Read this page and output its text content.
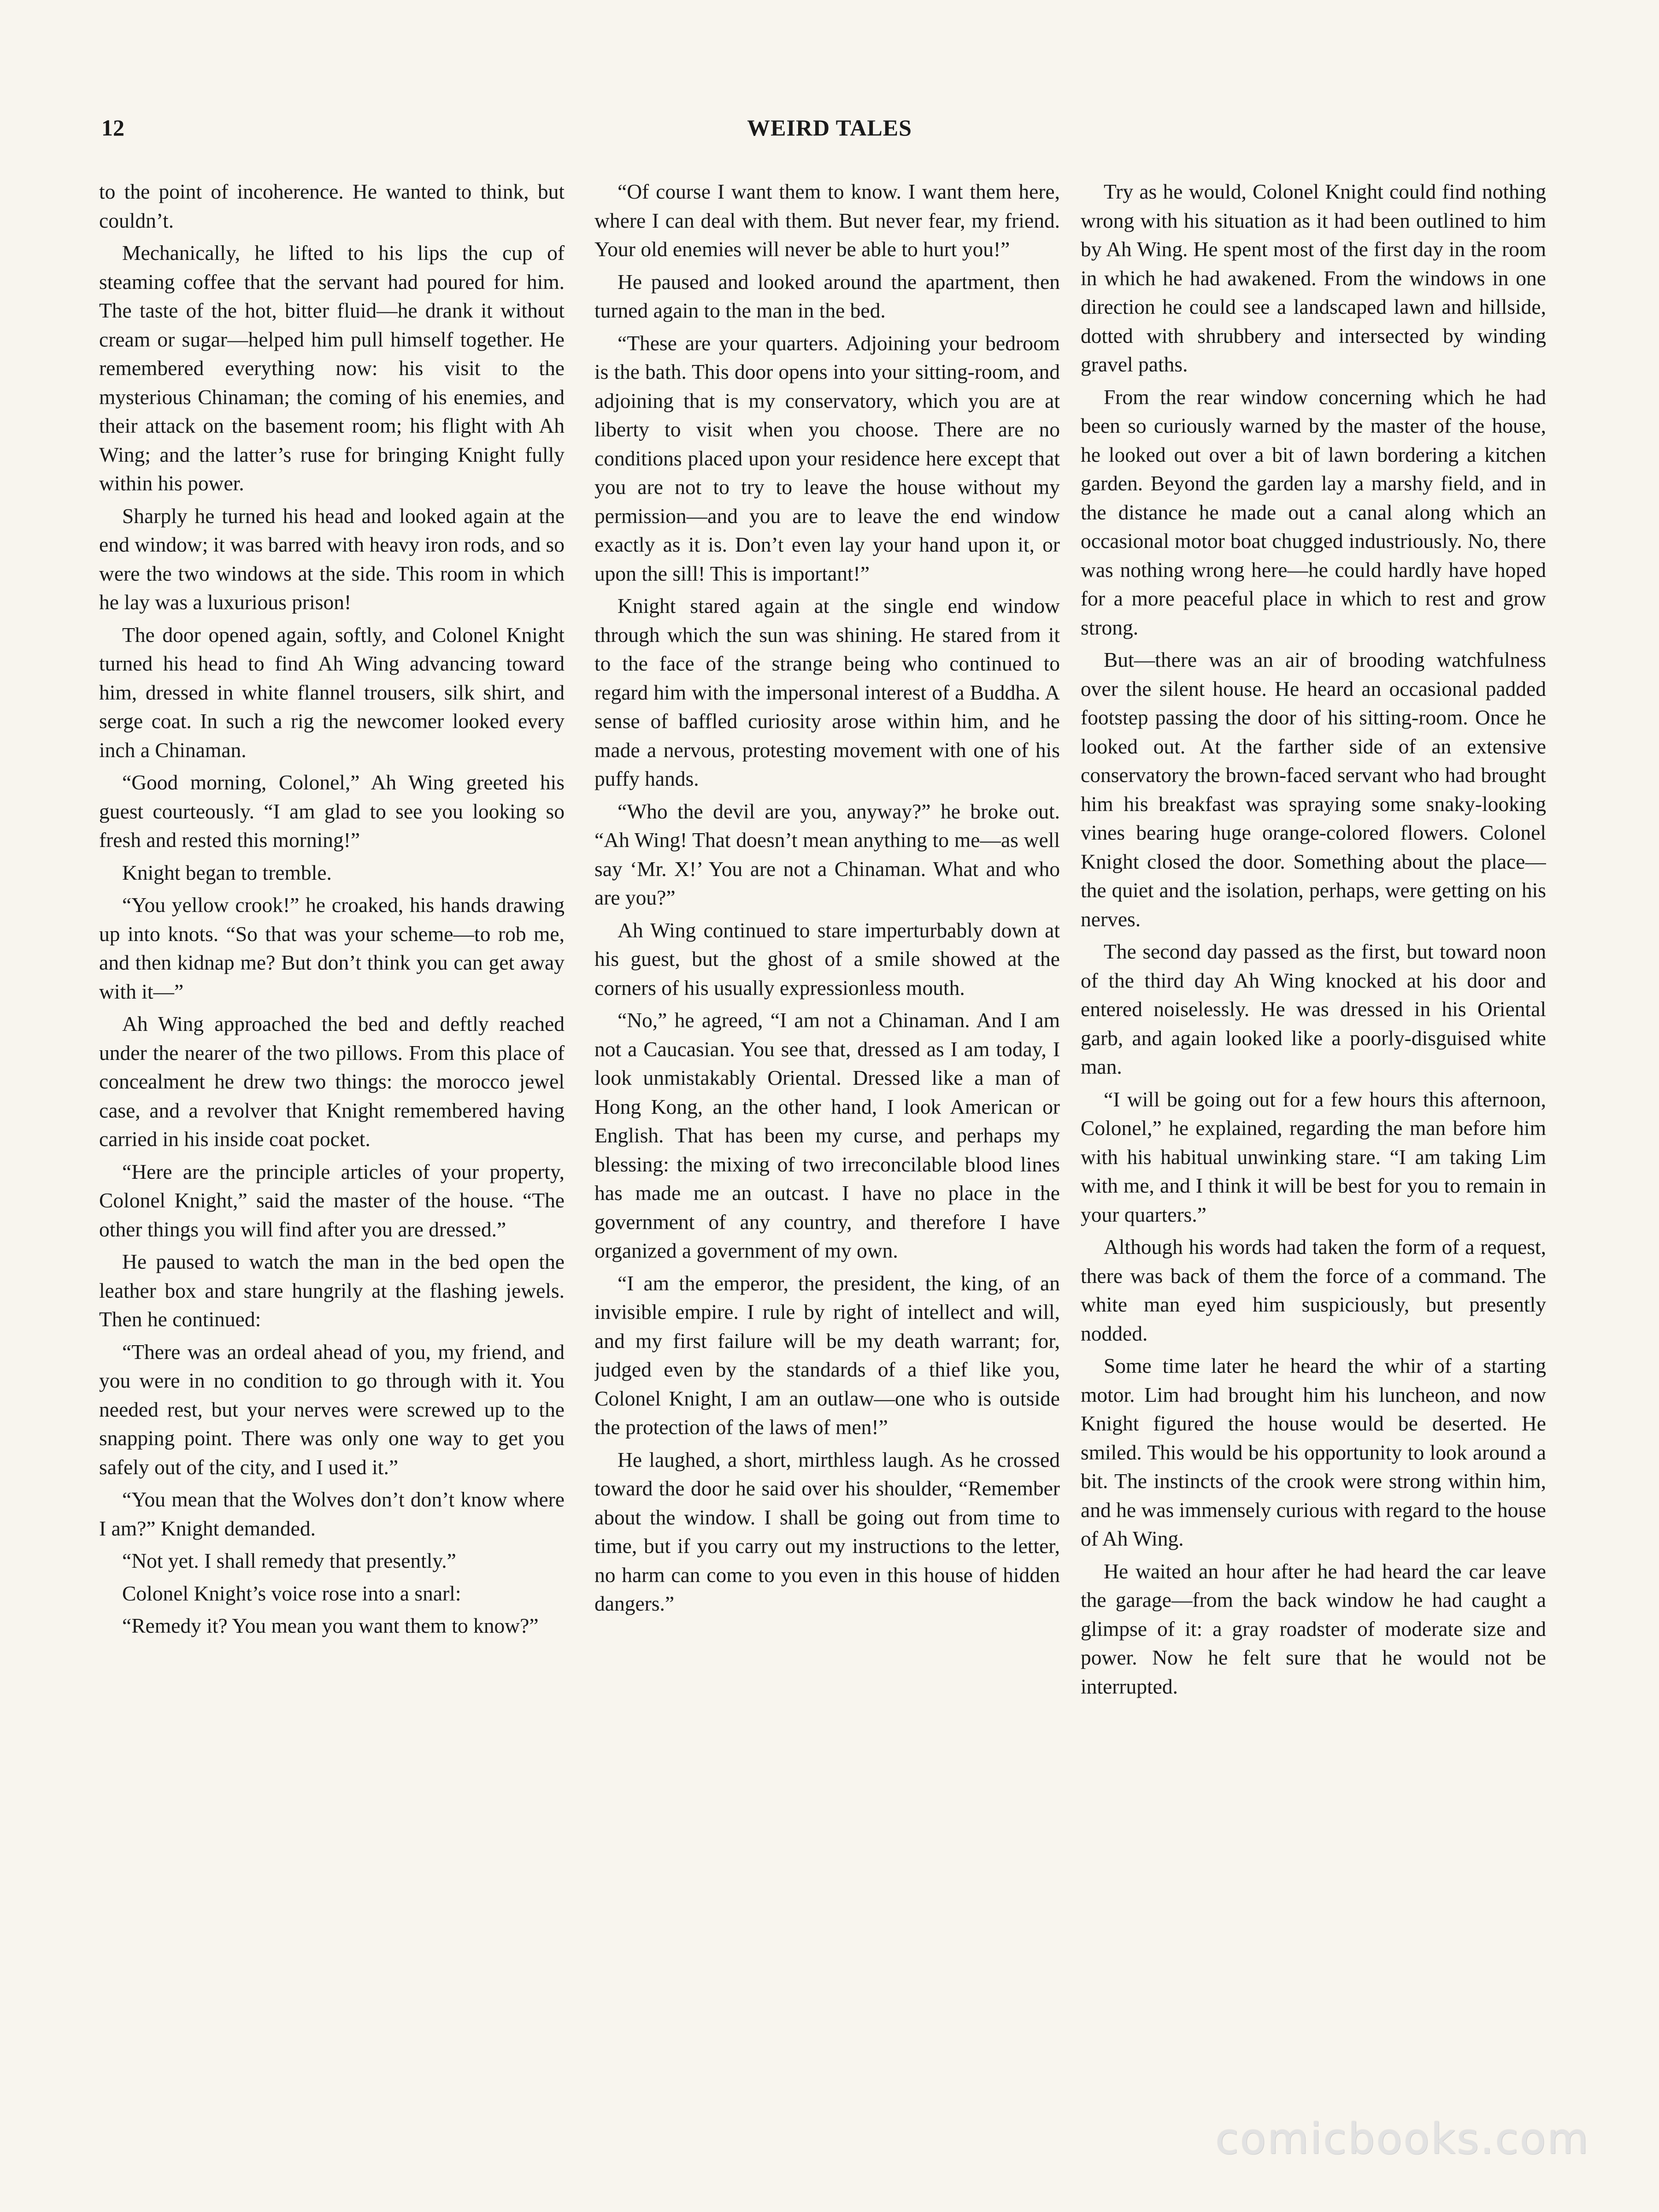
12	WEIRD TALES

to the point of incoherence. He wanted to think, but couldn’t.

Mechanically, he lifted to his lips the cup of steaming coffee that the servant had poured for him. The taste of the hot, bitter fluid—he drank it without cream or sugar—helped him pull himself together. He remembered everything now: his visit to the mysterious Chinaman; the coming of his enemies, and their attack on the basement room; his flight with Ah Wing; and the latter’s ruse for bringing Knight fully within his power.

Sharply he turned his head and looked again at the end window; it was barred with heavy iron rods, and so were the two windows at the side. This room in which he lay was a luxurious prison!

The door opened again, softly, and Colonel Knight turned his head to find Ah Wing advancing toward him, dressed in white flannel trousers, silk shirt, and serge coat. In such a rig the newcomer looked every inch a Chinaman.

“Good morning, Colonel,” Ah Wing greeted his guest courteously. “I am glad to see you looking so fresh and rested this morning!”

Knight began to tremble.

“You yellow crook!” he croaked, his hands drawing up into knots. “So that was your scheme—to rob me, and then kidnap me? But don’t think you can get away with it—”

Ah Wing approached the bed and deftly reached under the nearer of the two pillows. From this place of concealment he drew two things: the morocco jewel case, and a revolver that Knight remembered having carried in his inside coat pocket.

“Here are the principle articles of your property, Colonel Knight,” said the master of the house. “The other things you will find after you are dressed.”

He paused to watch the man in the bed open the leather box and stare hungrily at the flashing jewels. Then he continued:

“There was an ordeal ahead of you, my friend, and you were in no condition to go through with it. You needed rest, but your nerves were screwed up to the snapping point. There was only one way to get you safely out of the city, and I used it.”

“You mean that the Wolves don’t don’t know where I am?” Knight demanded.

“Not yet. I shall remedy that presently.”

Colonel Knight’s voice rose into a snarl:

“Remedy it? You mean you want them to know?”

“Of course I want them to know. I want them here, where I can deal with them. But never fear, my friend. Your old enemies will never be able to hurt you!”

He paused and looked around the apartment, then turned again to the man in the bed.

“These are your quarters. Adjoining your bedroom is the bath. This door opens into your sitting-room, and adjoining that is my conservatory, which you are at liberty to visit when you choose. There are no conditions placed upon your residence here except that you are not to try to leave the house without my permission—and you are to leave the end window exactly as it is. Don’t even lay your hand upon it, or upon the sill! This is important!”

Knight stared again at the single end window through which the sun was shining. He stared from it to the face of the strange being who continued to regard him with the impersonal interest of a Buddha. A sense of baffled curiosity arose within him, and he made a nervous, protesting movement with one of his puffy hands.

“Who the devil are you, anyway?” he broke out. “Ah Wing! That doesn’t mean anything to me—as well say ‘Mr. X!’ You are not a Chinaman. What and who are you?”

Ah Wing continued to stare imperturbably down at his guest, but the ghost of a smile showed at the corners of his usually expressionless mouth.

“No,” he agreed, “I am not a Chinaman. And I am not a Caucasian. You see that, dressed as I am today, I look unmistakably Oriental. Dressed like a man of Hong Kong, an the other hand, I look American or English. That has been my curse, and perhaps my blessing: the mixing of two irreconcilable blood lines has made me an outcast. I have no place in the government of any country, and therefore I have organized a government of my own.

“I am the emperor, the president, the king, of an invisible empire. I rule by right of intellect and will, and my first failure will be my death warrant; for, judged even by the standards of a thief like you, Colonel Knight, I am an outlaw—one who is outside the protection of the laws of men!”

He laughed, a short, mirthless laugh. As he crossed toward the door he said over his shoulder, “Remember about the window. I shall be going out from time to time, but if you carry out my instructions to the letter, no harm can come to you even in this house of hidden dangers.”

Try as he would, Colonel Knight could find nothing wrong with his situation as it had been outlined to him by Ah Wing. He spent most of the first day in the room in which he had awakened. From the windows in one direction he could see a landscaped lawn and hillside, dotted with shrubbery and intersected by winding gravel paths.

From the rear window concerning which he had been so curiously warned by the master of the house, he looked out over a bit of lawn bordering a kitchen garden. Beyond the garden lay a marshy field, and in the distance he made out a canal along which an occasional motor boat chugged industriously. No, there was nothing wrong here—he could hardly have hoped for a more peaceful place in which to rest and grow strong.

But—there was an air of brooding watchfulness over the silent house. He heard an occasional padded footstep passing the door of his sitting-room. Once he looked out. At the farther side of an extensive conservatory the brown-faced servant who had brought him his breakfast was spraying some snaky-looking vines bearing huge orange-colored flowers. Colonel Knight closed the door. Something about the place—the quiet and the isolation, perhaps, were getting on his nerves.

The second day passed as the first, but toward noon of the third day Ah Wing knocked at his door and entered noiselessly. He was dressed in his Oriental garb, and again looked like a poorly-disguised white man.

“I will be going out for a few hours this afternoon, Colonel,” he explained, regarding the man before him with his habitual unwinking stare. “I am taking Lim with me, and I think it will be best for you to remain in your quarters.”

Although his words had taken the form of a request, there was back of them the force of a command. The white man eyed him suspiciously, but presently nodded.

Some time later he heard the whir of a starting motor. Lim had brought him his luncheon, and now Knight figured the house would be deserted. He smiled. This would be his opportunity to look around a bit. The instincts of the crook were strong within him, and he was immensely curious with regard to the house of Ah Wing.

He waited an hour after he had heard the car leave the garage—from the back window he had caught a glimpse of it: a gray roadster of moderate size and power. Now he felt sure that he would not be interrupted.

comicbooks.com
